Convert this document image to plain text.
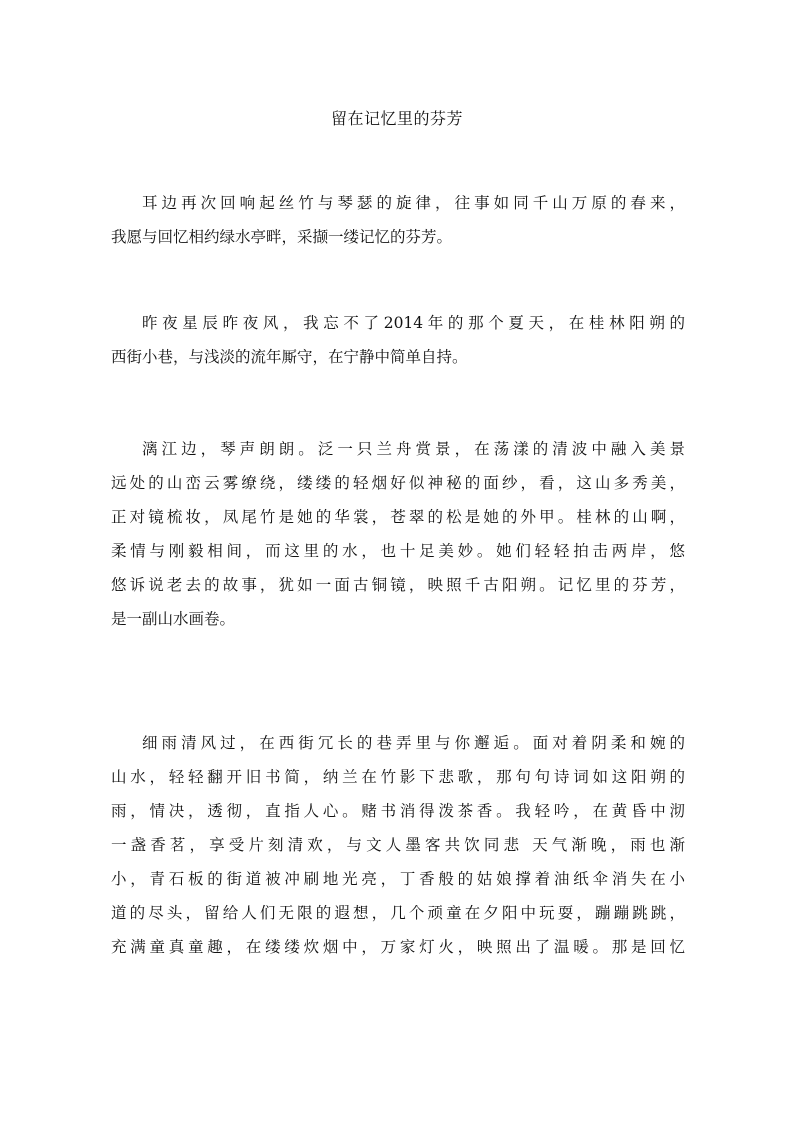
留在记忆里的芬芳
耳边再次回响起丝竹与琴瑟的旋律，往事如同千山万原的春来，
我愿与回忆相约绿水亭畔，采撷一缕记忆的芬芳。
昨夜星辰昨夜风，我忘不了2014年的那个夏天，在桂林阳朔的
西街小巷，与浅淡的流年厮守，在宁静中简单自持。
漓江边，琴声朗朗。泛一只兰舟赏景，在荡漾的清波中融入美景
远处的山峦云雾缭绕，缕缕的轻烟好似神秘的面纱，看，这山多秀美，
正对镜梳妆，凤尾竹是她的华裳，苍翠的松是她的外甲。桂林的山啊，
柔情与刚毅相间，而这里的水，也十足美妙。她们轻轻拍击两岸，悠
悠诉说老去的故事，犹如一面古铜镜，映照千古阳朔。记忆里的芬芳，
是一副山水画卷。
细雨清风过，在西街冗长的巷弄里与你邂逅。面对着阴柔和婉的
山水，轻轻翻开旧书简，纳兰在竹影下悲歌，那句句诗词如这阳朔的
雨，情决，透彻，直指人心。赌书消得泼茶香。我轻吟，在黄昏中沏
一盏香茗，享受片刻清欢，与文人墨客共饮同悲 天气渐晚，雨也渐
小，青石板的街道被冲刷地光亮，丁香般的姑娘撑着油纸伞消失在小
道的尽头，留给人们无限的遐想，几个顽童在夕阳中玩耍，蹦蹦跳跳，
充满童真童趣，在缕缕炊烟中，万家灯火，映照出了温暖。那是回忆
